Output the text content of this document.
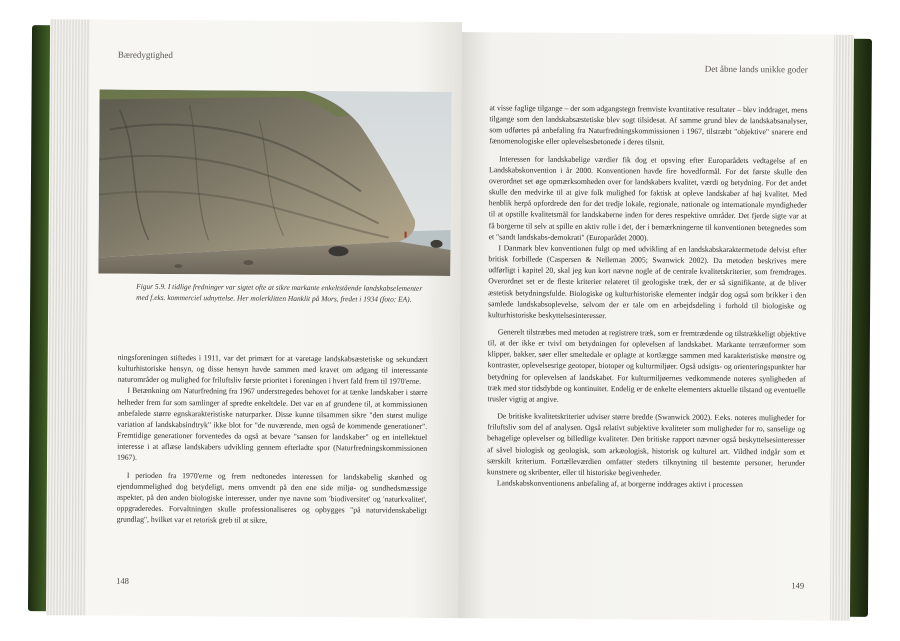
Bæredygtighed
Figur 5.9. I tidlige fredninger var sigtet ofte at sikre markante enkeltstående landskabselementer med f.eks. kommerciel udnyttelse. Her molerklitten Hanklit på Mors, fredet i 1934 (foto: EA).

ningsforeningen stiftedes i 1911, var det primært for at varetage landskabsæstetiske og sekundært kulturhistoriske hensyn, og disse hensyn havde sammen med kravet om adgang til interessante naturområder og mulighed for friluftsliv første prioritet i foreningen i hvert fald frem til 1970'erne.

I Betænkning om Naturfredning fra 1967 understregedes behovet for at tænke landskaber i større helheder frem for som samlinger af spredte enkeltdele. Det var en af grundene til, at kommissionen anbefalede større egnskarakteristiske naturparker. Disse kunne tilsammen sikre "den størst mulige variation af landskabsindtryk" ikke blot for "de nuværende, men også de kommende generationer". Fremtidige generationer forventedes da også at bevare "sansen for landskaber" og en intellektuel interesse i at aflæse landskabers udvikling gennem efterladte spor (Naturfredningskommissionen 1967).

I perioden fra 1970'erne og frem nedtonedes interessen for landskabelig skønhed og ejendommelighed dog betydeligt, mens omvendt på den ene side miljø- og sundhedsmæssige aspekter, på den anden biologiske interesser, under nye navne som 'biodiversitet' og 'naturkvalitet', oppgraderedes. Forvaltningen skulle professionaliseres og opbygges "på naturvidenskabeligt grundlag", hvilket var et retorisk greb til at sikre,

148
Det åbne lands unikke goder

at visse faglige tilgange – der som adgangstegn fremviste kvantitative resultater – blev inddraget, mens tilgange som den landskabsæstetiske blev sogt tilsidesat. Af samme grund blev de landskabsanalyser, som udførtes på anbefaling fra Naturfredningskommissionen i 1967, tilstræbt "objektive" snarere end fænomenologiske eller oplevelsesbetonede i deres tilsnit.

Interessen for landskabelige værdier fik dog et opsving efter Europarådets vedtagelse af en Landskabskonvention i år 2000. Konventionen havde fire hovedformål. For det første skulle den overordnet set øge opmærksomheden over for landskabers kvalitet, værdi og betydning. For det andet skulle den medvirke til at give folk mulighed for faktisk at opleve landskaber af høj kvalitet. Med henblik herpå opfordrede den for det tredje lokale, regionale, nationale og internationale myndigheder til at opstille kvalitetsmål for landskaberne inden for deres respektive områder. Det fjerde sigte var at få borgerne til selv at spille en aktiv rolle i det, der i bemærkningerne til konventionen betegnedes som et "sandt landskabs-demokrati" (Europarådet 2000).

I Danmark blev konventionen fulgt op med udvikling af en landskabskaraktermetode delvist efter britisk forbillede (Caspersen & Nelleman 2005; Swanwick 2002). Da metoden beskrives mere udførligt i kapitel 20, skal jeg kun kort nævne nogle af de centrale kvalitetskriterier, som fremdrages. Overordnet set er de fleste kriterier relateret til geologiske træk, der er så signifikante, at de bliver æstetisk betydningsfulde. Biologiske og kulturhistoriske elementer indgår dog også som brikker i den samlede landskabsoplevelse, selvom der er tale om en arbejdsdeling i forhold til biologiske og kulturhistoriske beskyttelsesinteresser.

Generelt tilstræbes med metoden at registrere træk, som er fremtrædende og tilstrækkeligt objektive til, at der ikke er tvivl om betydningen for oplevelsen af landskabet. Markante terrænformer som klipper, bakker, søer eller smeltedale er oplagte at kortlægge sammen med karakteristiske mønstre og kontraster, oplevelsesrige geotoper, biotoper og kulturmiljøer. Også udsigts- og orienteringspunkter har betydning for oplevelsen af landskabet. For kulturmiljøernes vedkommende noteres synligheden af træk med stor tidsdybde og kontinuitet. Endelig er de enkelte elementers aktuelle tilstand og eventuelle trusler vigtig at angive.

De britiske kvalitetskriterier udviser større bredde (Swanwick 2002). F.eks. noteres muligheder for friluftsliv som del af analysen. Også relativt subjektive kvaliteter som muligheder for ro, sanselige og behagelige oplevelser og billedlige kvaliteter. Den britiske rapport nævner også beskyttelsesinteresser af såvel biologisk og geologisk, som arkæologisk, historisk og kulturel art. Vildhed indgår som et særskilt kriterium. Fortælleværdien omfatter steders tilknytning til bestemte personer, herunder kunstnere og skribenter, eller til historiske begivenheder.

Landskabskonventionens anbefaling af, at borgerne inddrages aktivt i processen

149
